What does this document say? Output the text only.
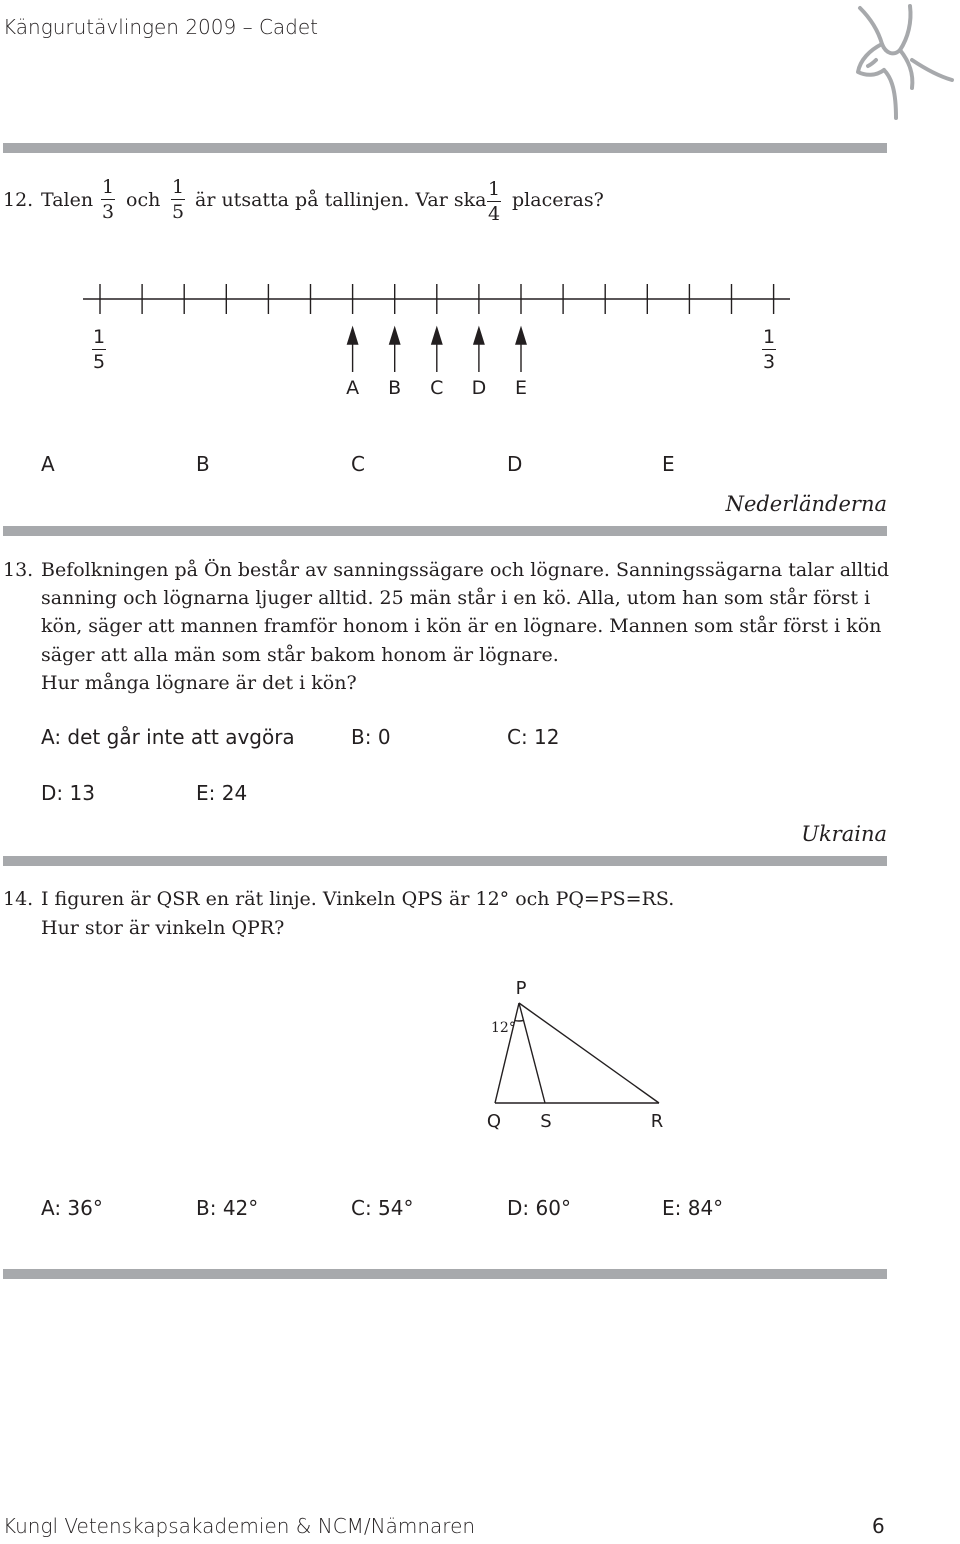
Kängurutävlingen 2009 – Cadet
12. Talen
1
3
och
1
5
är utsatta på tallinjen. Var ska 1
4
placeras?
A B C D E
1
5
1
3
A	B	C	D	E
Nederländerna
13. Befolkningen på Ön består av sanningssägare och lögnare. Sanningssägarna talar alltid
sanning och lögnarna ljuger alltid. 25 män står i en kö. Alla, utom han som står först i
kön, säger att mannen framför honom i kön är en lögnare. Mannen som står först i kön
säger att alla män som står bakom honom är lögnare.
Hur många lögnare är det i kön?
A: det går inte att avgöra	B: 0	C: 12
D: 13	E: 24
Ukraina
14. I figuren är QSR en rät linje. Vinkeln QPS är 12° och PQ=PS=RS.
Hur stor är vinkeln QPR?
P
Q S	R
12°
A: 36°	B: 42°	C: 54°	D: 60°	E: 84°
Kungl Vetenskapsakademien & NCM/Nämnaren	6
